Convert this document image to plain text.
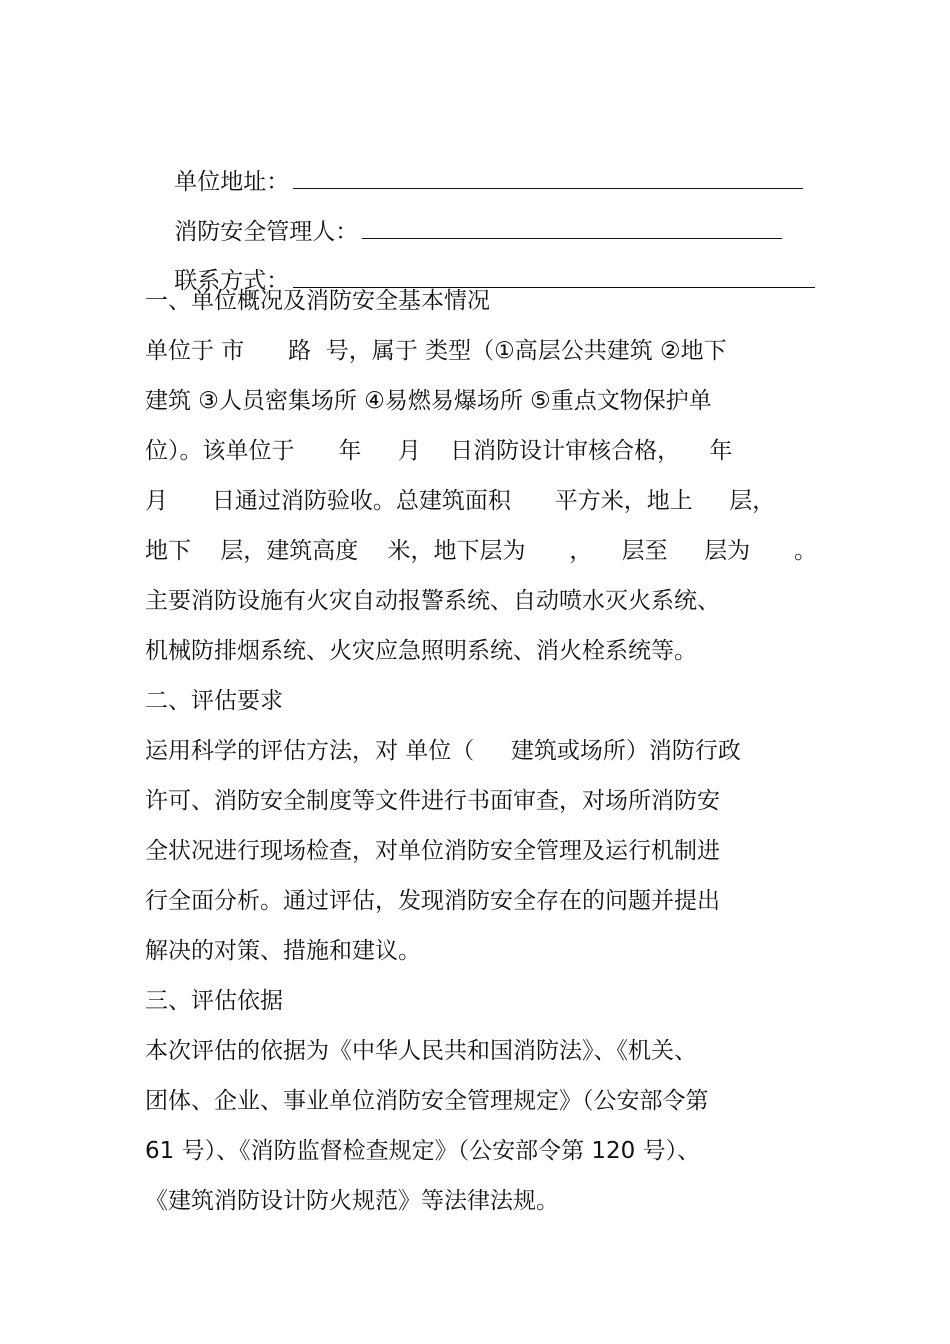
单位地址：

消防安全管理人：

联系方式：

一、单位概况及消防安全基本情况
单位于 市      路  号，属于 类型（①高层公共建筑 ②地下
建筑 ③人员密集场所 ④易燃易爆场所 ⑤重点文物保护单
位）。该单位于      年     月    日消防设计审核合格，    年
月      日通过消防验收。总建筑面积      平方米，地上     层，
地下    层，建筑高度    米，地下层为      ，    层至     层为      。
主要消防设施有火灾自动报警系统、自动喷水灭火系统、
机械防排烟系统、火灾应急照明系统、消火栓系统等。
二、评估要求
运用科学的评估方法，对 单位（     建筑或场所）消防行政
许可、消防安全制度等文件进行书面审查，对场所消防安
全状况进行现场检查，对单位消防安全管理及运行机制进
行全面分析。通过评估，发现消防安全存在的问题并提出
解决的对策、措施和建议。
三、评估依据
本次评估的依据为《中华人民共和国消防法》、《机关、
团体、企业、事业单位消防安全管理规定》（公安部令第
61 号）、《消防监督检查规定》（公安部令第 120 号）、
《建筑消防设计防火规范》等法律法规。
